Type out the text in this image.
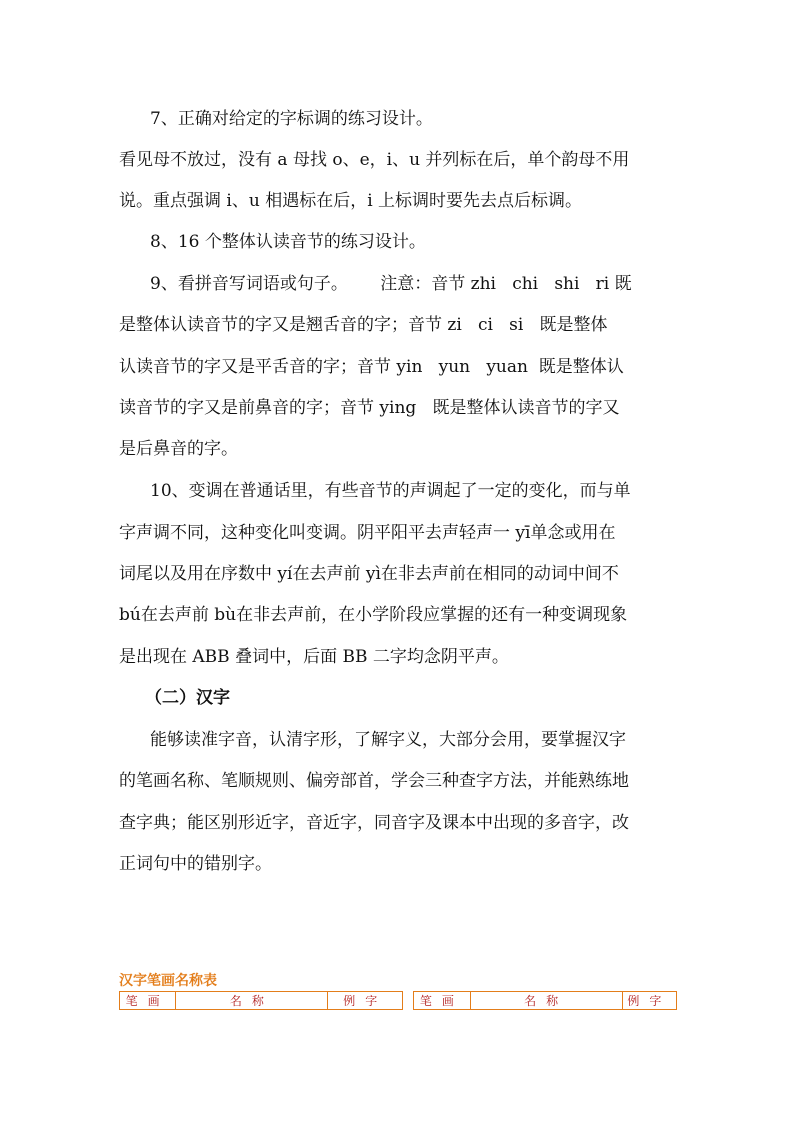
7、正确对给定的字标调的练习设计。

看见母不放过，没有 a 母找 o、e，i、u 并列标在后，单个韵母不用

说。重点强调 i、u 相遇标在后，i 上标调时要先去点后标调。

8、16 个整体认读音节的练习设计。

9、看拼音写词语或句子。      注意：音节 zhi   chi   shi   ri 既

是整体认读音节的字又是翘舌音的字；音节 zi   ci   si   既是整体

认读音节的字又是平舌音的字；音节 yin   yun   yuan  既是整体认

读音节的字又是前鼻音的字；音节 ying   既是整体认读音节的字又

是后鼻音的字。

10、变调在普通话里，有些音节的声调起了一定的变化，而与单

字声调不同，这种变化叫变调。阴平阳平去声轻声一 yī单念或用在

词尾以及用在序数中 yí在去声前 yì在非去声前在相同的动词中间不

bú在去声前 bù在非去声前，在小学阶段应掌握的还有一种变调现象

是出现在 ABB 叠词中，后面 BB 二字均念阴平声。

（二）汉字

能够读准字音，认清字形，了解字义，大部分会用，要掌握汉字

的笔画名称、笔顺规则、偏旁部首，学会三种查字方法，并能熟练地

查字典；能区别形近字，音近字，同音字及课本中出现的多音字，改

正词句中的错别字。

汉字笔画名称表
笔画	名称	例字		笔画	名称	例字
